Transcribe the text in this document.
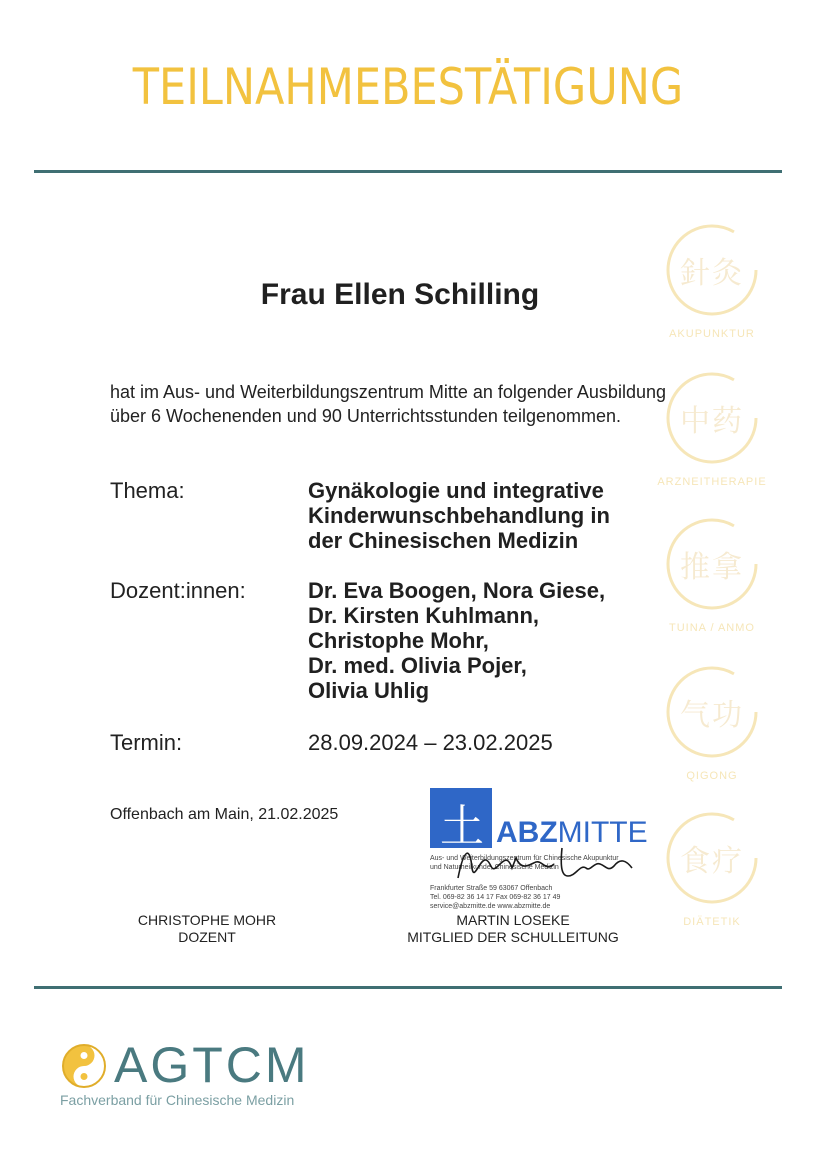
TEILNAHMEBESTÄTIGUNG
Frau Ellen Schilling
hat im Aus- und Weiterbildungszentrum Mitte an folgender Ausbildung über 6 Wochenenden und 90 Unterrichtsstunden teilgenommen.
Thema:	Gynäkologie und integrative
Kinderwunschbehandlung in
der Chinesischen Medizin
Dozent:innen:	Dr. Eva Boogen, Nora Giese,
Dr. Kirsten Kuhlmann,
Christophe Mohr,
Dr. med. Olivia Pojer,
Olivia Uhlig
Termin:	28.09.2024 – 23.02.2025
Offenbach am Main, 21.02.2025 土 ABZMITTE
Aus- und Weiterbildungszentrum für Chinesische Akupunktur
und Naturheilkunde, Chinesische Medizin
Frankfurter Straße 59 63067 Offenbach
Tel. 069-82 36 14 17 Fax 069-82 36 17 49
service@abzmitte.de www.abzmitte.de
CHRISTOPHE MOHR
DOZENT
MARTIN LOSEKE
MITGLIED DER SCHULLEITUNG
針灸
AKUPUNKTUR
中药
ARZNEITHERAPIE
推拿
TUINA / ANMO
气功
QIGONG
食疗
DIÄTETIK
AGTCM
Fachverband für Chinesische Medizin
